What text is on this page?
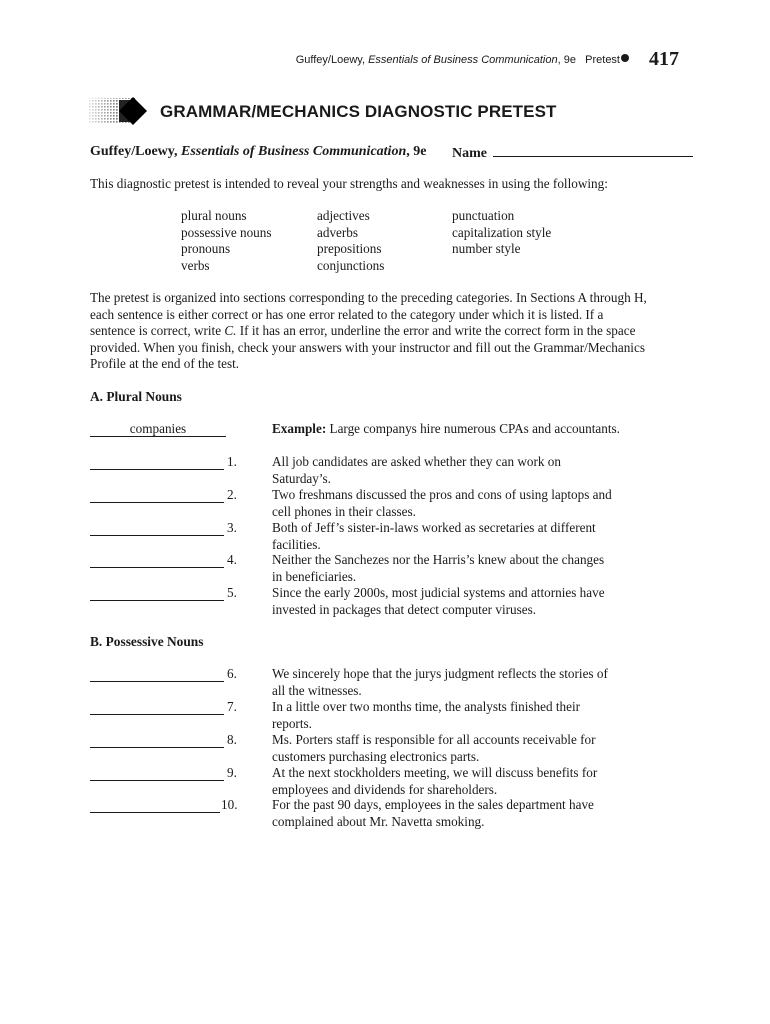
Guffey/Loewy, Essentials of Business Communication, 9e Pretest 417
GRAMMAR/MECHANICS DIAGNOSTIC PRETEST
Guffey/Loewy, Essentials of Business Communication, 9e Name
This diagnostic pretest is intended to reveal your strengths and weaknesses in using the following:
plural nouns
possessive nouns
pronouns
verbs
adjectives
adverbs
prepositions
conjunctions
punctuation
capitalization style
number style
The pretest is organized into sections corresponding to the preceding categories. In Sections A through H,
each sentence is either correct or has one error related to the category under which it is listed. If a
sentence is correct, write C. If it has an error, underline the error and write the correct form in the space
provided. When you finish, check your answers with your instructor and fill out the Grammar/Mechanics
Profile at the end of the test.
A. Plural Nouns
companies	Example: Large companys hire numerous CPAs and accountants.
1.	All job candidates are asked whether they can work on
Saturday’s.
2.	Two freshmans discussed the pros and cons of using laptops and
cell phones in their classes.
3.	Both of Jeff’s sister-in-laws worked as secretaries at different
facilities.
4.	Neither the Sanchezes nor the Harris’s knew about the changes
in beneficiaries.
5.	Since the early 2000s, most judicial systems and attornies have
invested in packages that detect computer viruses.
B. Possessive Nouns
6.	We sincerely hope that the jurys judgment reflects the stories of
all the witnesses.
7.	In a little over two months time, the analysts finished their
reports.
8.	Ms. Porters staff is responsible for all accounts receivable for
customers purchasing electronics parts.
9.	At the next stockholders meeting, we will discuss benefits for
employees and dividends for shareholders.
10.	For the past 90 days, employees in the sales department have
complained about Mr. Navetta smoking.
